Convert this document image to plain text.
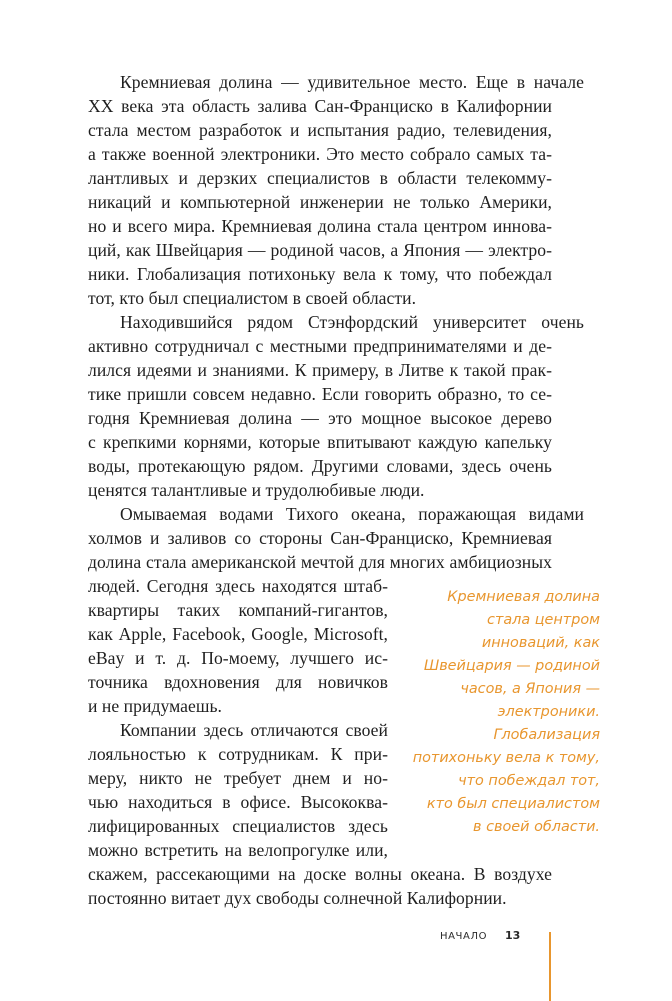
Кремниевая долина — удивительное место. Еще в начале
XX века эта область залива Сан-Франциско в Калифорнии
стала местом разработок и испытания радио, телевидения,
а также военной электроники. Это место собрало самых та-
лантливых и дерзких специалистов в области телекомму-
никаций и компьютерной инженерии не только Америки,
но и всего мира. Кремниевая долина стала центром иннова-
ций, как Швейцария — родиной часов, а Япония — электро-
ники. Глобализация потихоньку вела к тому, что побеждал
тот, кто был специалистом в своей области.
Находившийся рядом Стэнфордский университет очень
активно сотрудничал с местными предпринимателями и де-
лился идеями и знаниями. К примеру, в Литве к такой прак-
тике пришли совсем недавно. Если говорить образно, то се-
годня Кремниевая долина — это мощное высокое дерево
с крепкими корнями, которые впитывают каждую капельку
воды, протекающую рядом. Другими словами, здесь очень
ценятся талантливые и трудолюбивые люди.
Омываемая водами Тихого океана, поражающая видами
холмов и заливов со стороны Сан-Франциско, Кремниевая
долина стала американской мечтой для многих амбициозных
людей. Сегодня здесь находятся штаб-
квартиры таких компаний-гигантов,
как Apple, Facebook, Google, Microsoft,
eBay и т. д. По-моему, лучшего ис-
точника вдохновения для новичков
и не придумаешь.
Компании здесь отличаются своей
лояльностью к сотрудникам. К при-
меру, никто не требует днем и но-
чью находиться в офисе. Высококва-
лифицированных специалистов здесь
можно встретить на велопрогулке или,
скажем, рассекающими на доске волны океана. В воздухе
постоянно витает дух свободы солнечной Калифорнии.
Кремниевая долина
стала центром
инноваций, как
Швейцария — родиной
часов, а Япония —
электроники.
Глобализация
потихоньку вела к тому,
что побеждал тот,
кто был специалистом
в своей области.
НАЧАЛО 13
